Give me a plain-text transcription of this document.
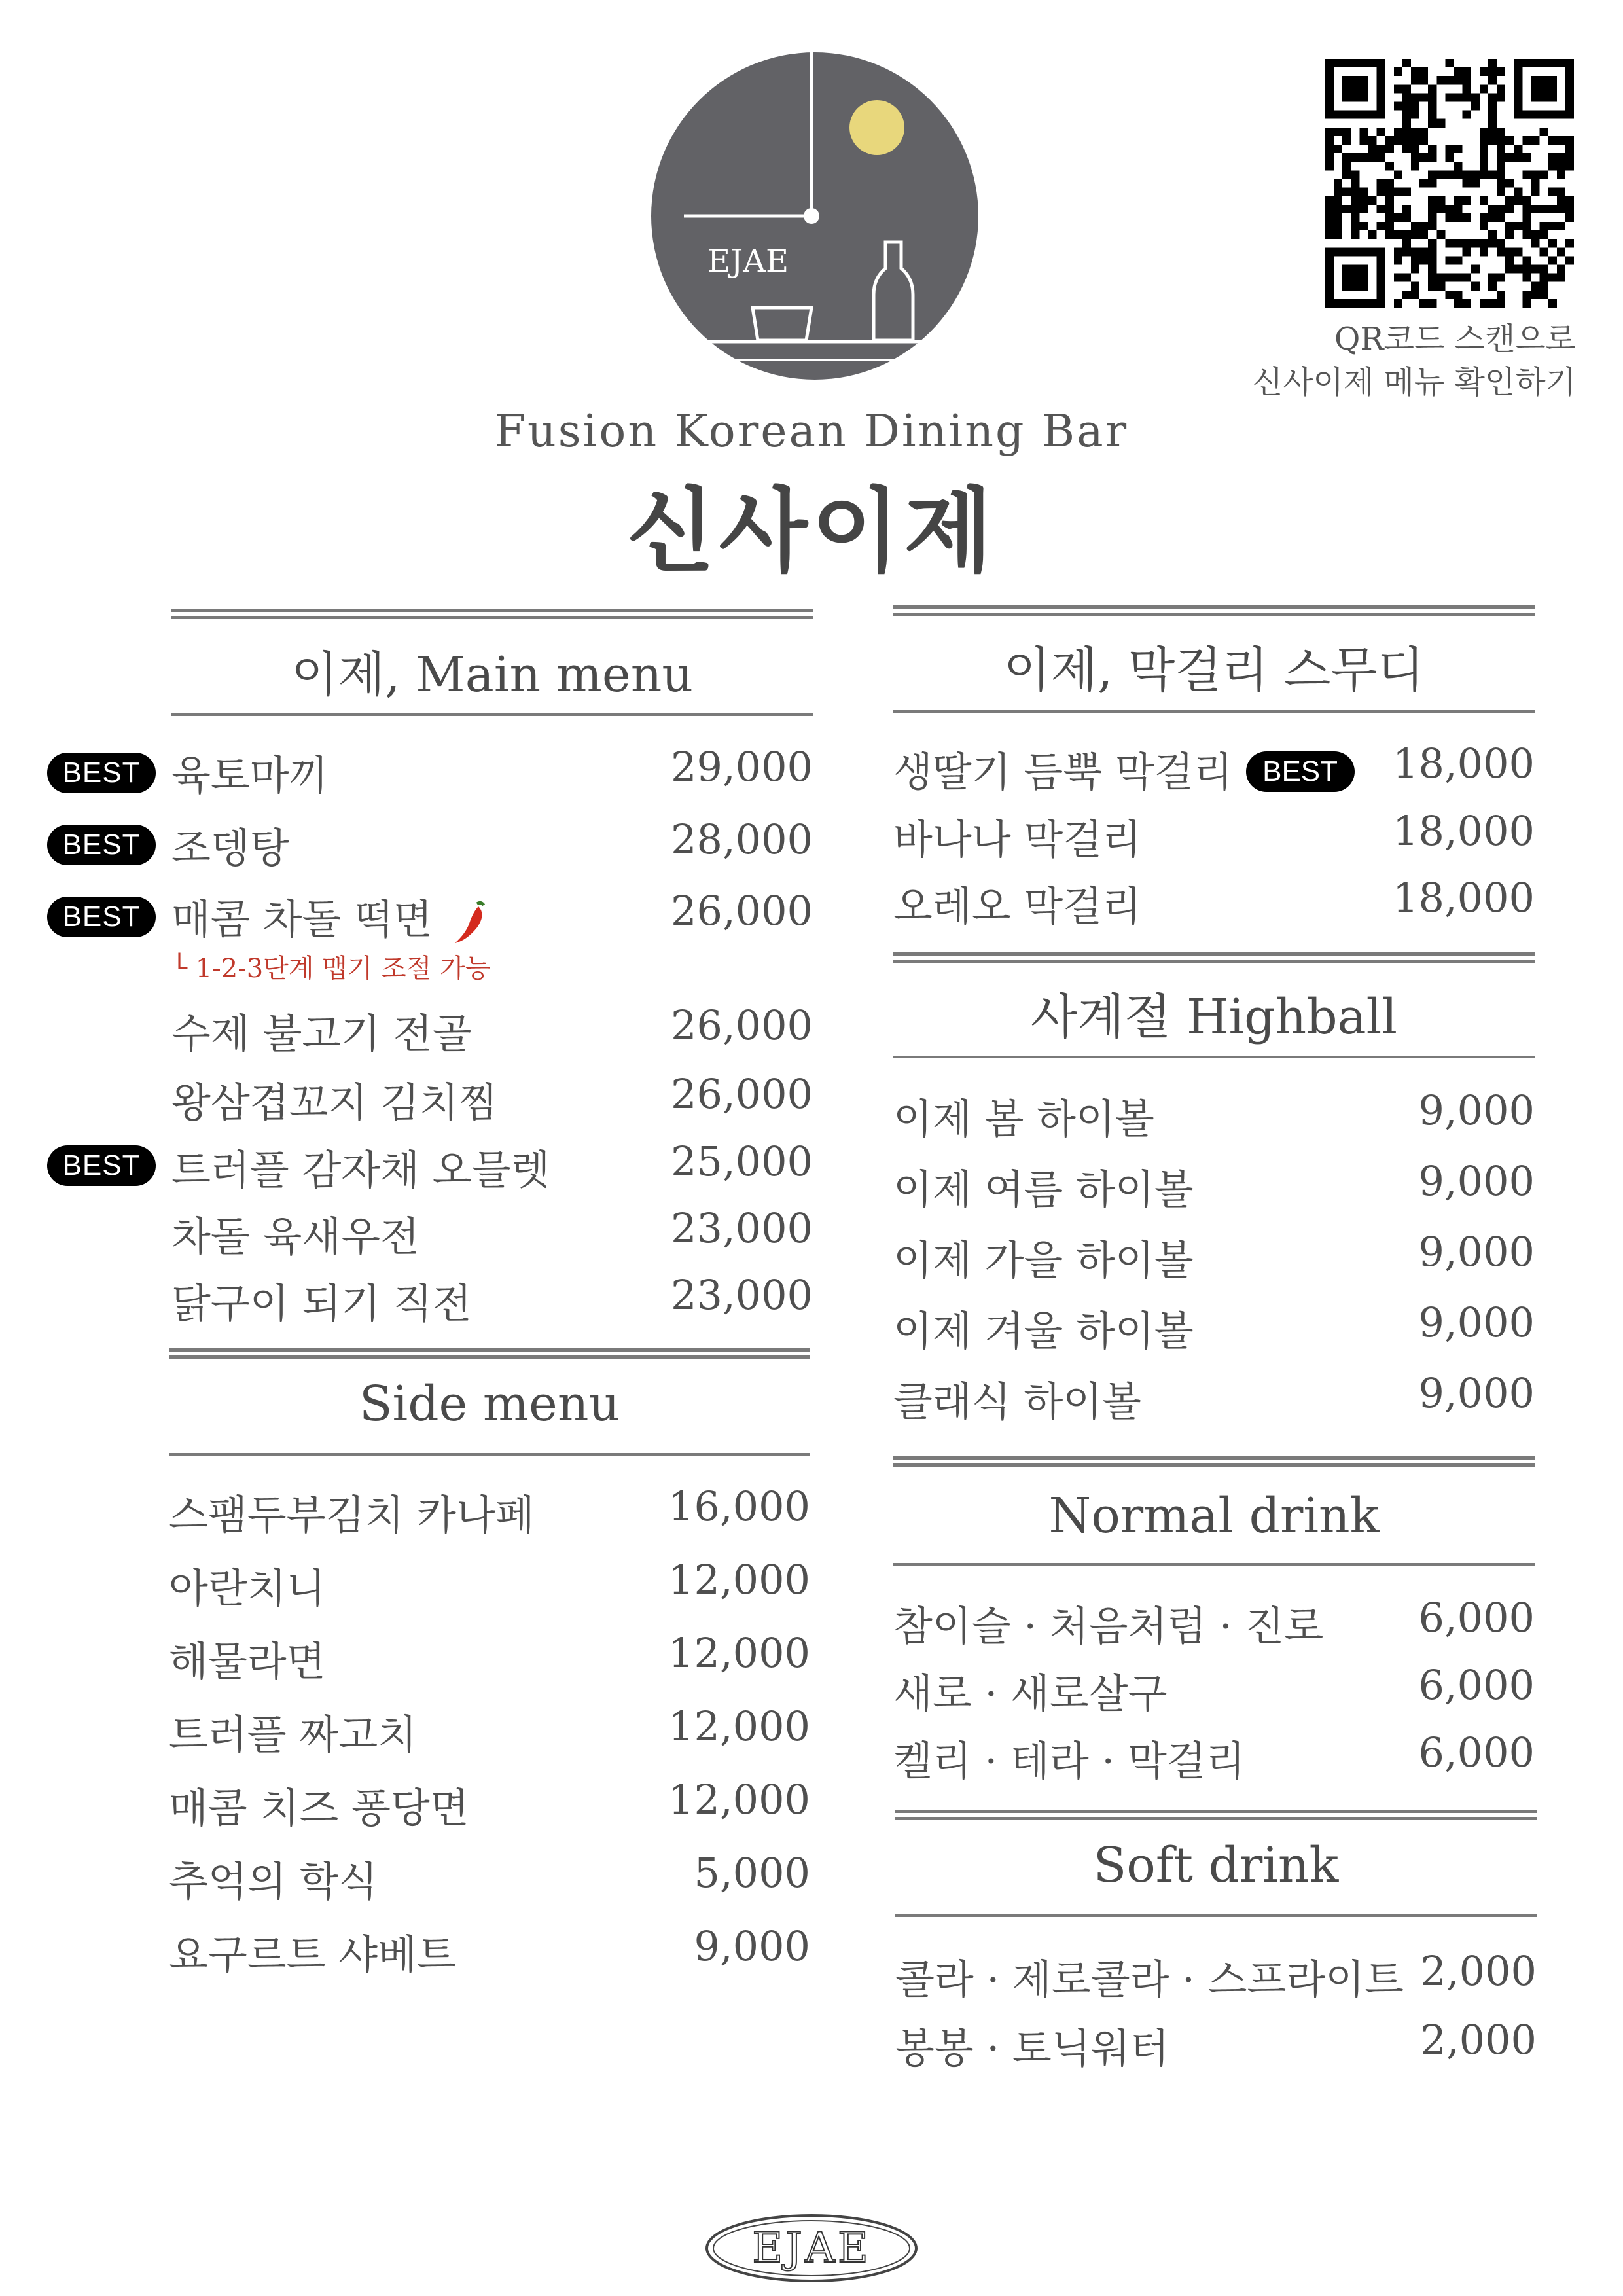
EJAE
Fusion Korean Dining Bar
신사이제
QR코드 스캔으로
신사이제 메뉴 확인하기
이제, Main menu
육토마끼	29,000
조뎅탕	28,000
매콤 차돌 떡면	26,000
└ 1-2-3단계 맵기 조절 가능
수제 불고기 전골	26,000
왕삼겹꼬지 김치찜	26,000
트러플 감자채 오믈렛	25,000
차돌 육새우전	23,000
닭구이 되기 직전	23,000
BEST
BEST
BEST
BEST
Side menu
스팸두부김치 카나페	16,000
아란치니	12,000
해물라면	12,000
트러플 짜고치	12,000
매콤 치즈 퐁당면	12,000
추억의 학식	5,000
요구르트 샤베트	9,000
이제, 막걸리 스무디
생딸기 듬뿍 막걸리 BEST	18,000
바나나 막걸리	18,000
오레오 막걸리	18,000
사계절 Highball
이제 봄 하이볼	9,000
이제 여름 하이볼	9,000
이제 가을 하이볼	9,000
이제 겨울 하이볼	9,000
클래식 하이볼	9,000
Normal drink
참이슬 · 처음처럼 · 진로 6,000
새로 · 새로살구	6,000
켈리 · 테라 · 막걸리	6,000
Soft drink
콜라 · 제로콜라 · 스프라이트 2,000
봉봉 · 토닉워터	2,000
EJAE
